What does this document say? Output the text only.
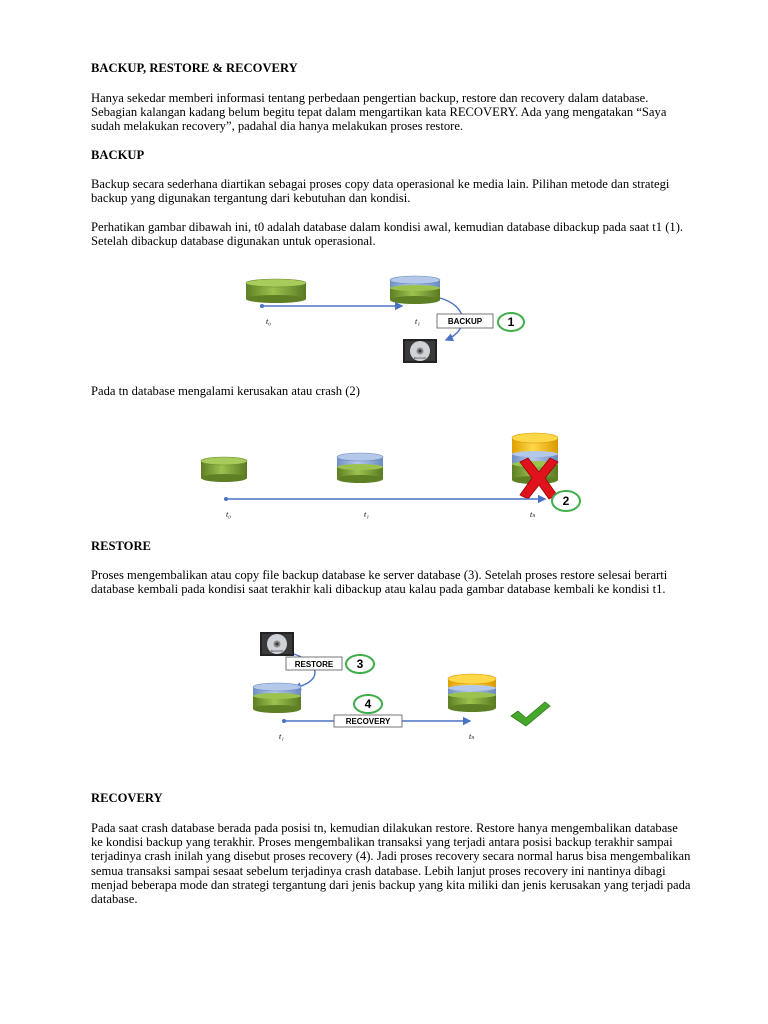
BACKUP, RESTORE & RECOVERY

Hanya sekedar memberi informasi tentang perbedaan pengertian backup, restore dan recovery dalam database. Sebagian kalangan kadang belum begitu tepat dalam mengartikan kata RECOVERY. Ada yang mengatakan “Saya sudah melakukan recovery”, padahal dia hanya melakukan proses restore.

BACKUP

Backup secara sederhana diartikan sebagai proses copy data operasional ke media lain. Pilihan metode dan strategi backup yang digunakan tergantung dari kebutuhan dan kondisi.

Perhatikan gambar dibawah ini, t0 adalah database dalam kondisi awal, kemudian database dibackup pada saat t1 (1). Setelah dibackup database digunakan untuk operasional.

Pada tn database mengalami kerusakan atau crash (2)

RESTORE

Proses mengembalikan atau copy file backup database ke server database (3). Setelah proses restore selesai berarti database kembali pada kondisi saat terakhir kali dibackup atau kalau pada gambar database kembali ke kondisi t1.

RECOVERY

Pada saat crash database berada pada posisi tn, kemudian dilakukan restore. Restore hanya mengembalikan database ke kondisi backup yang terakhir. Proses mengembalikan transaksi yang terjadi antara posisi backup terakhir sampai terjadinya crash inilah yang disebut proses recovery (4). Jadi proses recovery secara normal harus bisa mengembalikan semua transaksi sampai sesaat sebelum terjadinya crash database. Lebih lanjut proses recovery ini nantinya dibagi menjad beberapa mode dan strategi tergantung dari jenis backup yang kita miliki dan jenis kerusakan yang terjadi pada database.

t₀	t₁	BACKUP 1
BACKUP
t₀	t₁	tₙ
2
BACKUP
RESTORE 3
RECOVERY
4
t₁	tₙ
